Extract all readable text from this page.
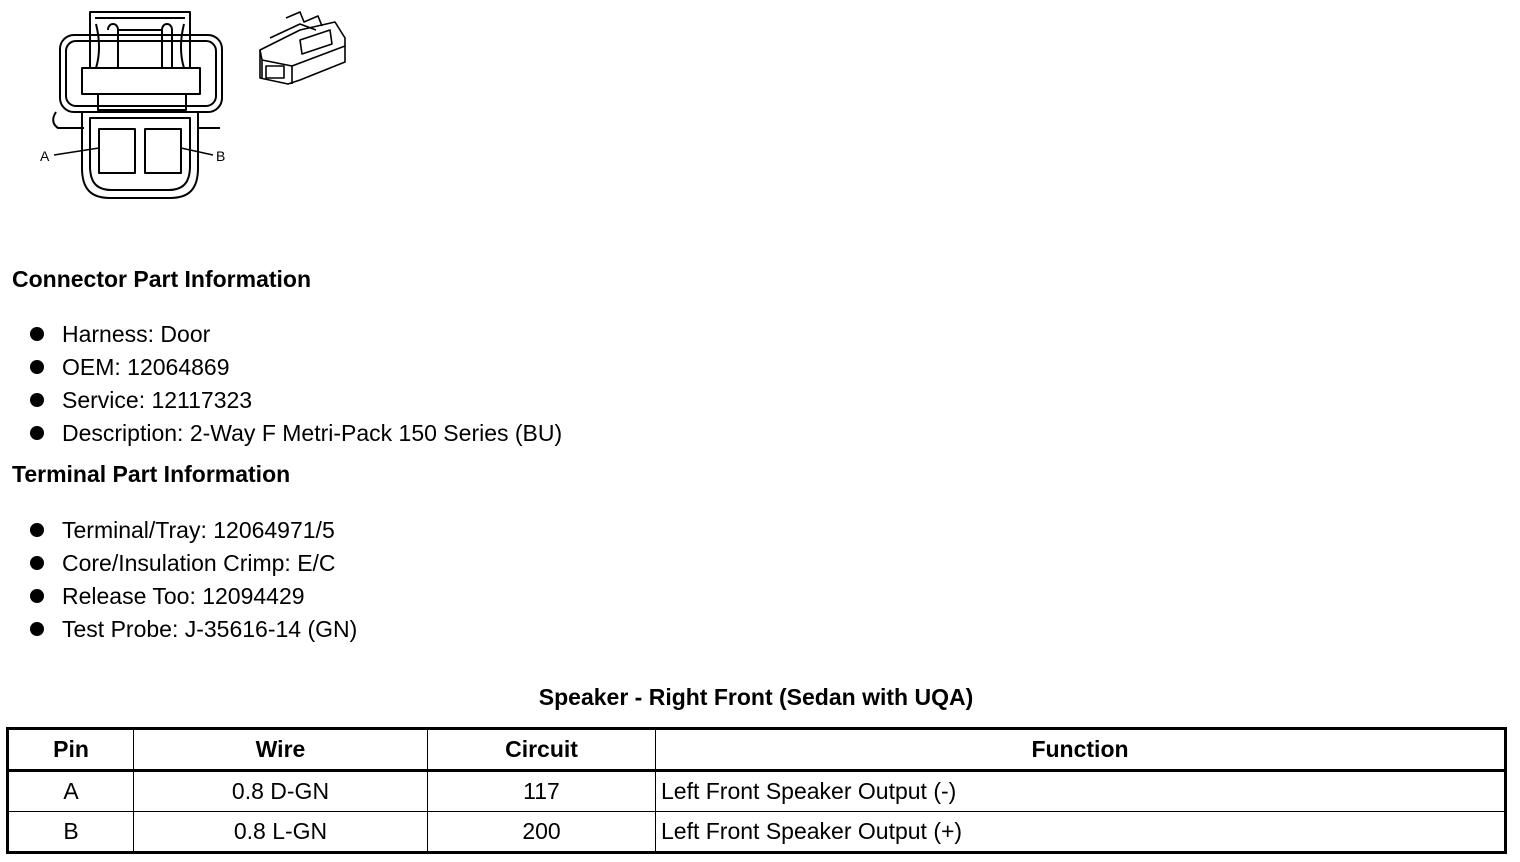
A	B
Connector Part Information
Harness: Door
OEM: 12064869
Service: 12117323
Description: 2-Way F Metri-Pack 150 Series (BU)
Terminal Part Information
Terminal/Tray: 12064971/5
Core/Insulation Crimp: E/C
Release Too: 12094429
Test Probe: J-35616-14 (GN)
Speaker - Right Front (Sedan with UQA)
Pin	Wire	Circuit	Function
A	0.8 D-GN	117	Left Front Speaker Output (-)
B	0.8 L-GN	200	Left Front Speaker Output (+)
